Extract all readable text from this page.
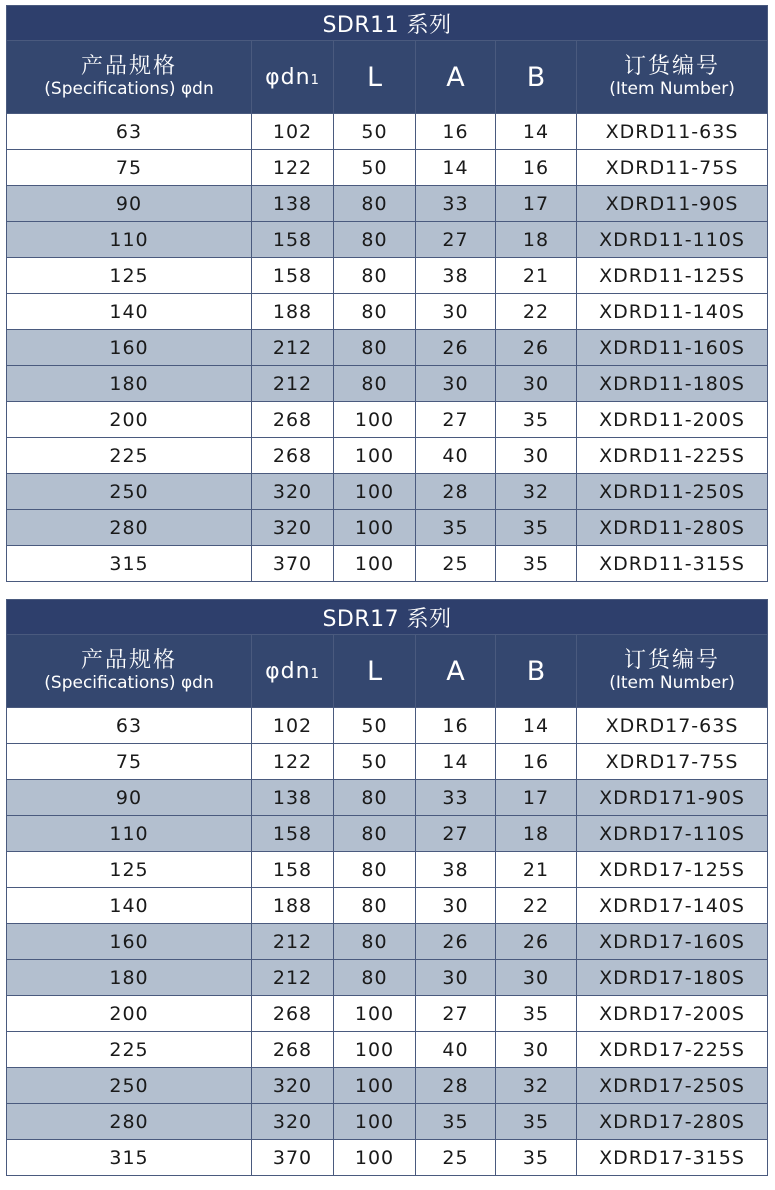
SDR11 系列					

产品规格
(Specifications) φdn	φdn1	L	A	B	订货编号
(Item Number)

63	102	50	16	14	XDRD11-63S
75	122	50	14	16	XDRD11-75S
90	138	80	33	17	XDRD11-90S
110	158	80	27	18	XDRD11-110S
125	158	80	38	21	XDRD11-125S
140	188	80	30	22	XDRD11-140S
160	212	80	26	26	XDRD11-160S
180	212	80	30	30	XDRD11-180S
200	268	100	27	35	XDRD11-200S
225	268	100	40	30	XDRD11-225S
250	320	100	28	32	XDRD11-250S
280	320	100	35	35	XDRD11-280S
315	370	100	25	35	XDRD11-315S
SDR17 系列					

产品规格
(Specifications) φdn	φdn1	L	A	B	订货编号
(Item Number)

63	102	50	16	14	XDRD17-63S
75	122	50	14	16	XDRD17-75S
90	138	80	33	17	XDRD171-90S
110	158	80	27	18	XDRD17-110S
125	158	80	38	21	XDRD17-125S
140	188	80	30	22	XDRD17-140S
160	212	80	26	26	XDRD17-160S
180	212	80	30	30	XDRD17-180S
200	268	100	27	35	XDRD17-200S
225	268	100	40	30	XDRD17-225S
250	320	100	28	32	XDRD17-250S
280	320	100	35	35	XDRD17-280S
315	370	100	25	35	XDRD17-315S
